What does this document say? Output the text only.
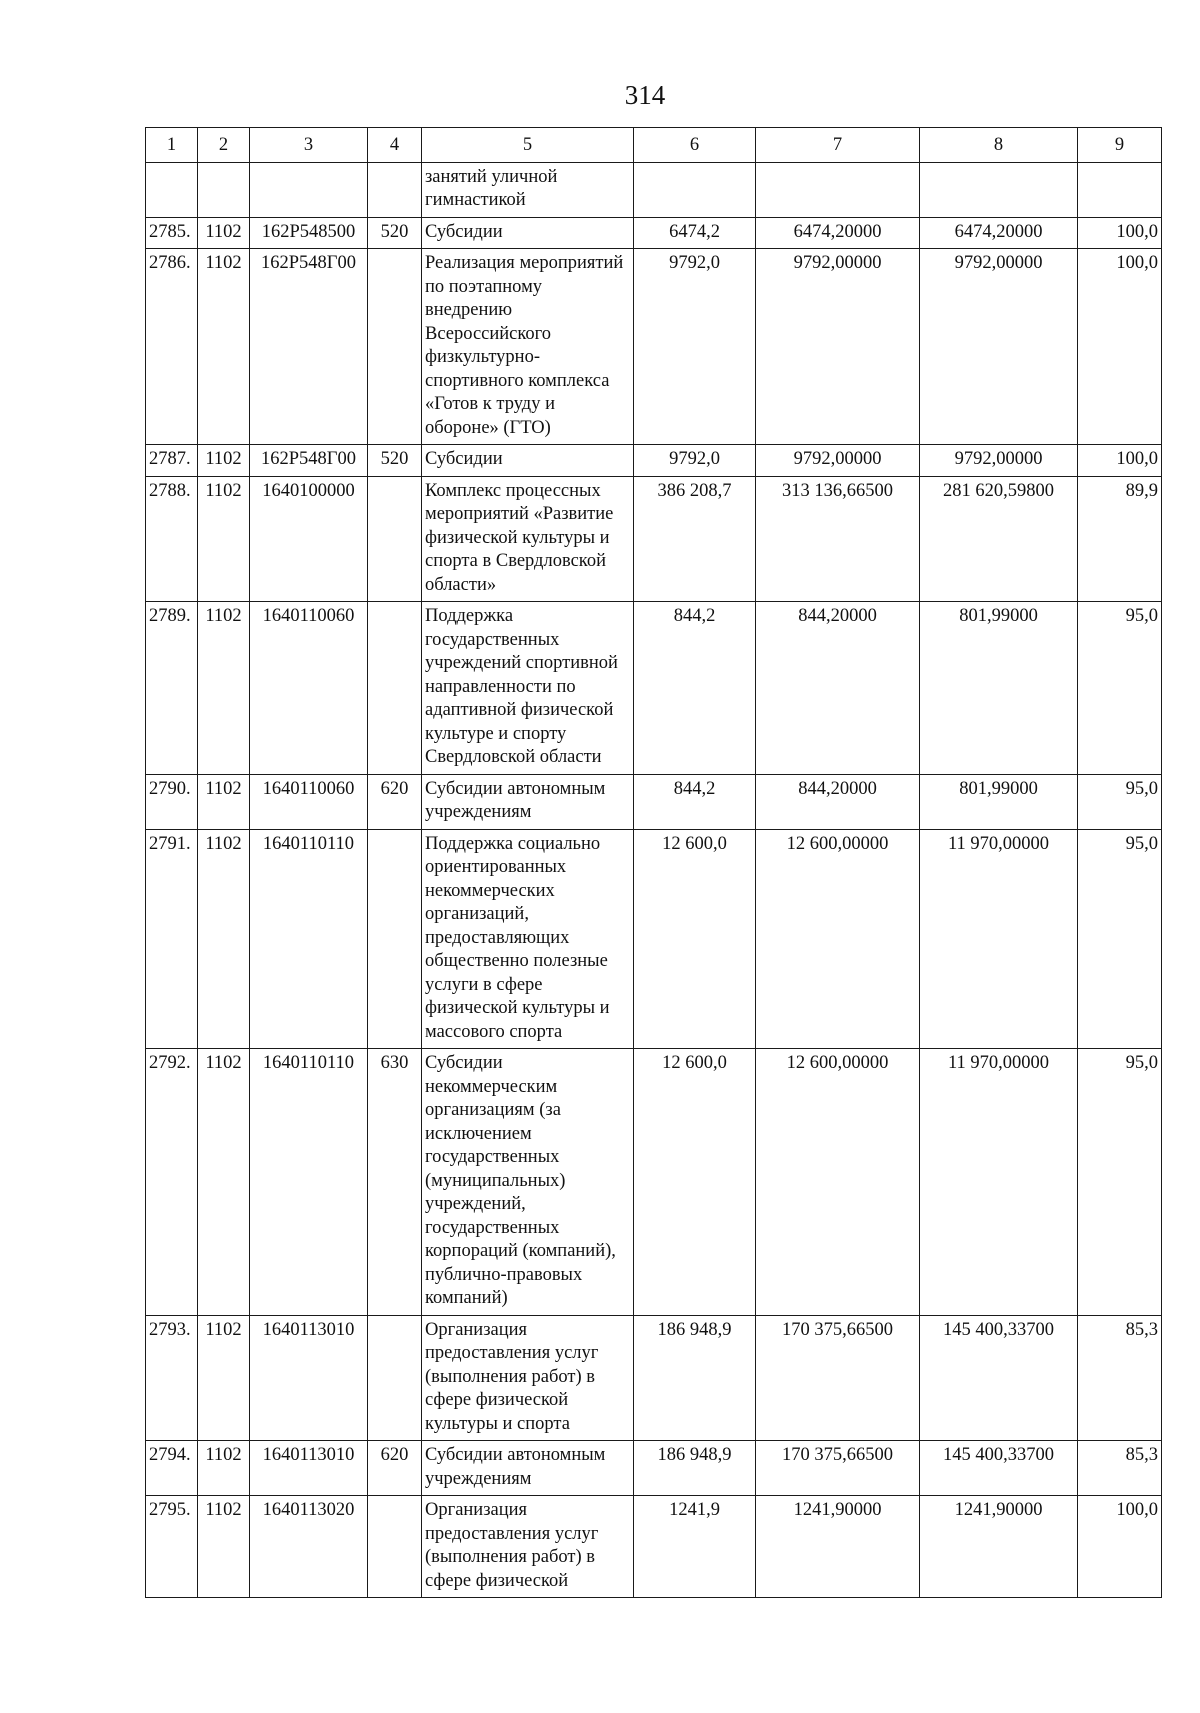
314
1	2	3	4	5	6	7	8	9
				занятий уличной гимнастикой				
2785.	1102	162P548500	520	Субсидии	6474,2	6474,20000	6474,20000	100,0
2786.	1102	162P548Г00		Реализация мероприятий по поэтапному внедрению Всероссийского физкультурно-спортивного комплекса «Готов к труду и обороне» (ГТО)	9792,0	9792,00000	9792,00000	100,0
2787.	1102	162P548Г00	520	Субсидии	9792,0	9792,00000	9792,00000	100,0
2788.	1102	1640100000		Комплекс процессных мероприятий «Развитие физической культуры и спорта в Свердловской области»	386 208,7	313 136,66500	281 620,59800	89,9
2789.	1102	1640110060		Поддержка государственных учреждений спортивной направленности по адаптивной физической культуре и спорту Свердловской области	844,2	844,20000	801,99000	95,0
2790.	1102	1640110060	620	Субсидии автономным учреждениям	844,2	844,20000	801,99000	95,0
2791.	1102	1640110110		Поддержка социально ориентированных некоммерческих организаций, предоставляющих общественно полезные услуги в сфере физической культуры и массового спорта	12 600,0	12 600,00000	11 970,00000	95,0
2792.	1102	1640110110	630	Субсидии некоммерческим организациям (за исключением государственных (муниципальных) учреждений, государственных корпораций (компаний), публично-правовых компаний)	12 600,0	12 600,00000	11 970,00000	95,0
2793.	1102	1640113010		Организация предоставления услуг (выполнения работ) в сфере физической культуры и спорта	186 948,9	170 375,66500	145 400,33700	85,3
2794.	1102	1640113010	620	Субсидии автономным учреждениям	186 948,9	170 375,66500	145 400,33700	85,3
2795.	1102	1640113020		Организация предоставления услуг (выполнения работ) в сфере физической	1241,9	1241,90000	1241,90000	100,0
